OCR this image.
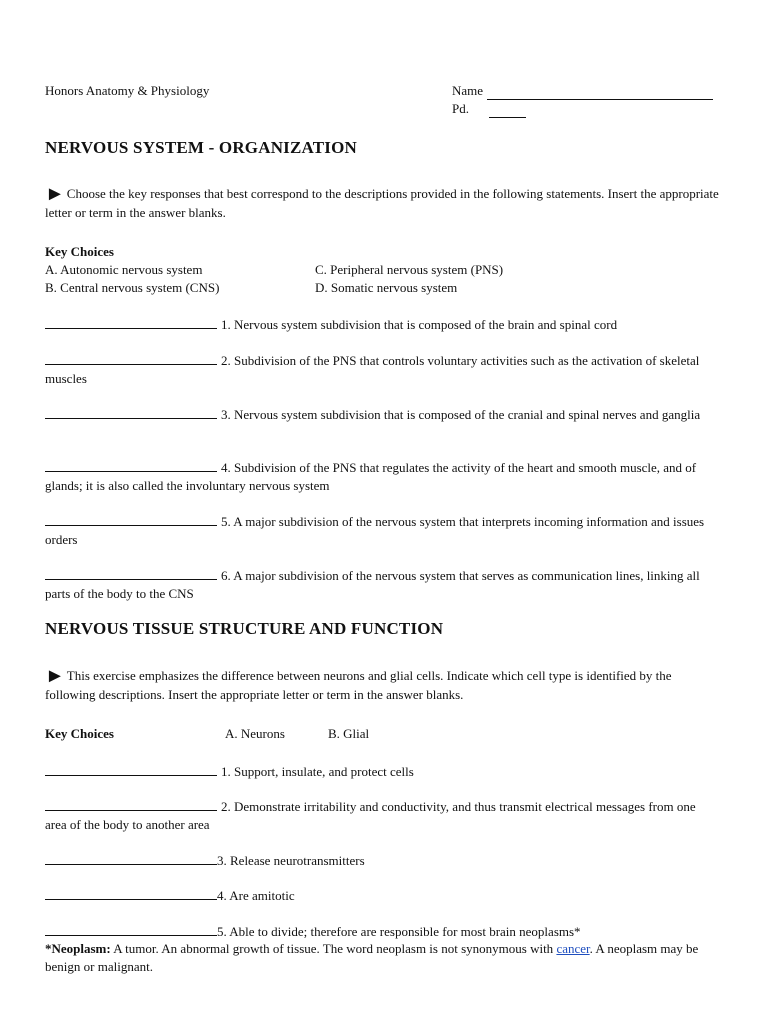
Honors Anatomy & Physiology	Name
Pd.
NERVOUS SYSTEM - ORGANIZATION
► Choose the key responses that best correspond to the descriptions provided in the following statements. Insert the appropriate letter or term in the answer blanks.
Key Choices
A. Autonomic nervous system	C. Peripheral nervous system (PNS)
B. Central nervous system (CNS)	D. Somatic nervous system
1. Nervous system subdivision that is composed of the brain and spinal cord
2. Subdivision of the PNS that controls voluntary activities such as the activation of skeletal muscles
3. Nervous system subdivision that is composed of the cranial and spinal nerves and ganglia
4. Subdivision of the PNS that regulates the activity of the heart and smooth muscle, and of glands; it is also called the involuntary nervous system
5. A major subdivision of the nervous system that interprets incoming information and issues orders
6. A major subdivision of the nervous system that serves as communication lines, linking all parts of the body to the CNS
NERVOUS TISSUE STRUCTURE AND FUNCTION
► This exercise emphasizes the difference between neurons and glial cells. Indicate which cell type is identified by the following descriptions. Insert the appropriate letter or term in the answer blanks.
Key Choices	A. Neurons	B. Glial
1. Support, insulate, and protect cells
2. Demonstrate irritability and conductivity, and thus transmit electrical messages from one area of the body to another area
3. Release neurotransmitters
4. Are amitotic
5. Able to divide; therefore are responsible for most brain neoplasms*
*Neoplasm: A tumor. An abnormal growth of tissue. The word neoplasm is not synonymous with cancer. A neoplasm may be benign or malignant.
